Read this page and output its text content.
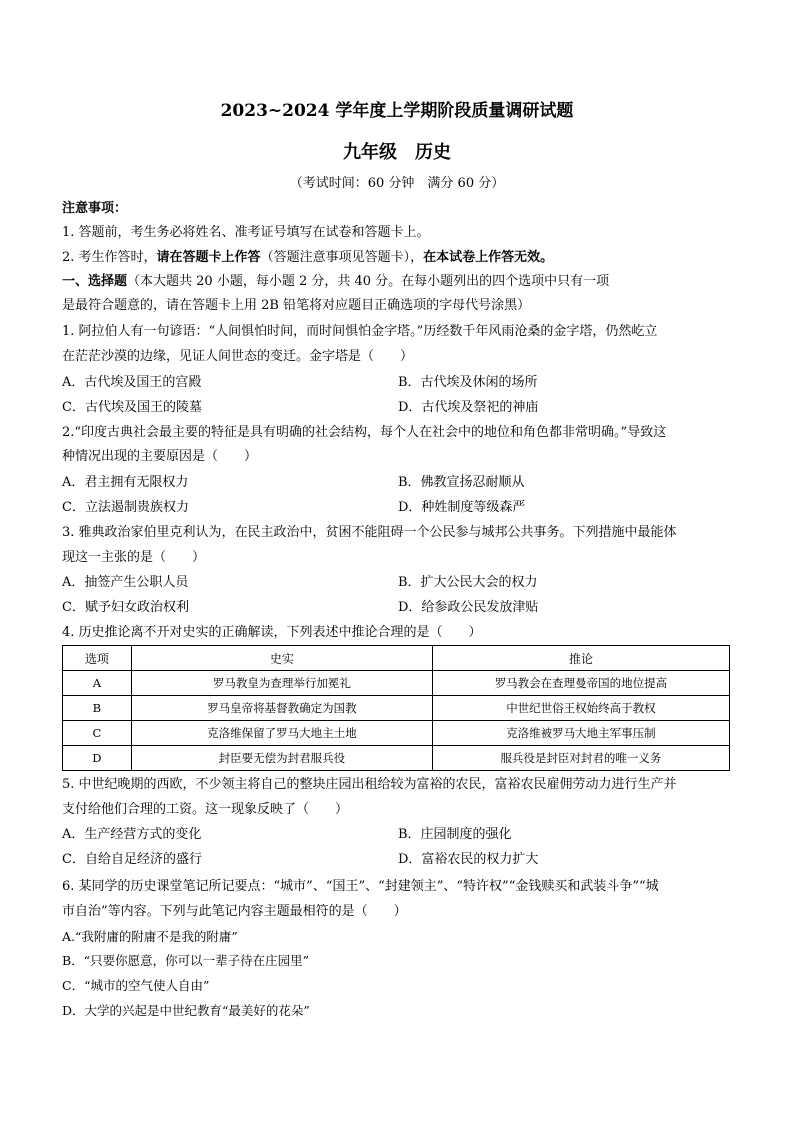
2023~2024 学年度上学期阶段质量调研试题
九年级　历史
（考试时间：60 分钟　满分 60 分）
注意事项：
1. 答题前，考生务必将姓名、准考证号填写在试卷和答题卡上。
2. 考生作答时，请在答题卡上作答（答题注意事项见答题卡），在本试卷上作答无效。
一、选择题（本大题共 20 小题，每小题 2 分，共 40 分。在每小题列出的四个选项中只有一项
是最符合题意的，请在答题卡上用 2B 铅笔将对应题目正确选项的字母代号涂黑）
1. 阿拉伯人有一句谚语：“人间惧怕时间，而时间惧怕金字塔。”历经数千年风雨沧桑的金字塔，仍然屹立
在茫茫沙漠的边缘，见证人间世态的变迁。金字塔是（　　）
A．古代埃及国王的宫殿	B．古代埃及休闲的场所
C．古代埃及国王的陵墓	D．古代埃及祭祀的神庙
2.“印度古典社会最主要的特征是具有明确的社会结构，每个人在社会中的地位和角色都非常明确。”导致这
种情况出现的主要原因是（　　）
A．君主拥有无限权力	B．佛教宣扬忍耐顺从
C．立法遏制贵族权力	D．种姓制度等级森严
3. 雅典政治家伯里克利认为，在民主政治中，贫困不能阻碍一个公民参与城邦公共事务。下列措施中最能体
现这一主张的是（　　）
A．抽签产生公职人员	B．扩大公民大会的权力
C．赋予妇女政治权利	D．给参政公民发放津贴
4. 历史推论离不开对史实的正确解读，下列表述中推论合理的是（　　）
选项	史实	推论
A	罗马教皇为查理举行加冕礼	罗马教会在查理曼帝国的地位提高
B	罗马皇帝将基督教确定为国教	中世纪世俗王权始终高于教权
C	克洛维保留了罗马大地主土地	克洛维被罗马大地主军事压制
D	封臣要无偿为封君服兵役	服兵役是封臣对封君的唯一义务
5. 中世纪晚期的西欧，不少领主将自己的整块庄园出租给较为富裕的农民，富裕农民雇佣劳动力进行生产并
支付给他们合理的工资。这一现象反映了（　　）
A．生产经营方式的变化	B．庄园制度的强化
C．自给自足经济的盛行	D．富裕农民的权力扩大
6. 某同学的历史课堂笔记所记要点：“城市”、“国王”、“封建领主”、“特许权”“金钱赎买和武装斗争”“城
市自治”等内容。下列与此笔记内容主题最相符的是（　　）
A.“我附庸的附庸不是我的附庸”
B．“只要你愿意，你可以一辈子待在庄园里”
C．“城市的空气使人自由”
D．大学的兴起是中世纪教育“最美好的花朵”
